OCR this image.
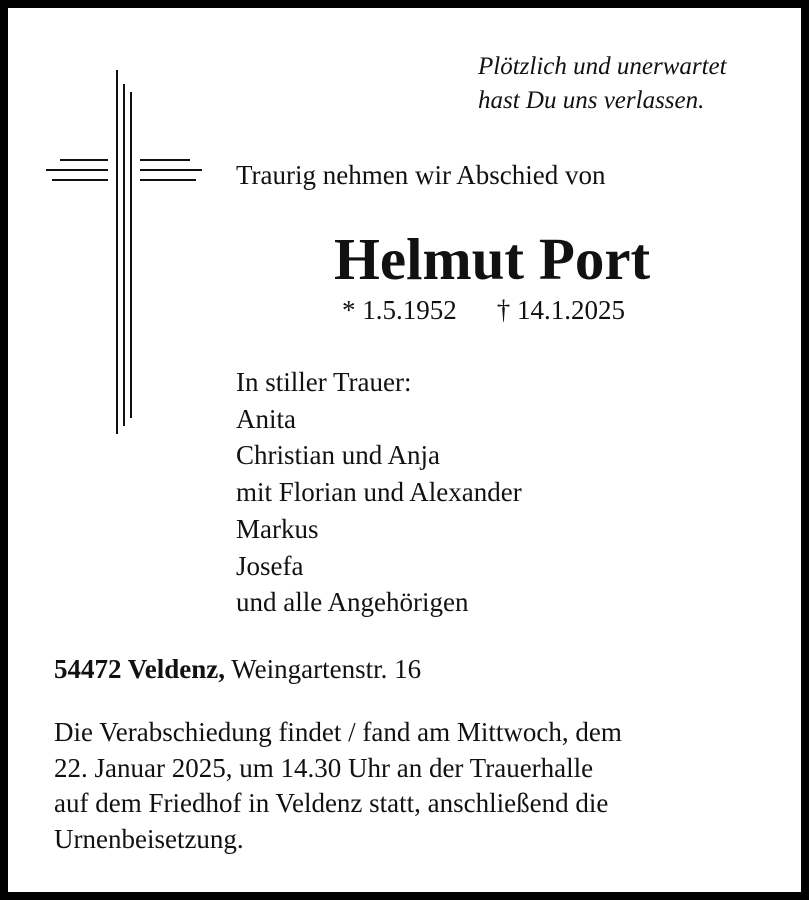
Plötzlich und unerwartet
hast Du uns verlassen.
Traurig nehmen wir Abschied von
Helmut Port
* 1.5.1952 † 14.1.2025
In stiller Trauer:
Anita
Christian und Anja
mit Florian und Alexander
Markus
Josefa
und alle Angehörigen
54472 Veldenz, Weingartenstr. 16
Die Verabschiedung findet / fand am Mittwoch, dem
22. Januar 2025, um 14.30 Uhr an der Trauerhalle
auf dem Friedhof in Veldenz statt, anschließend die
Urnenbeisetzung.
